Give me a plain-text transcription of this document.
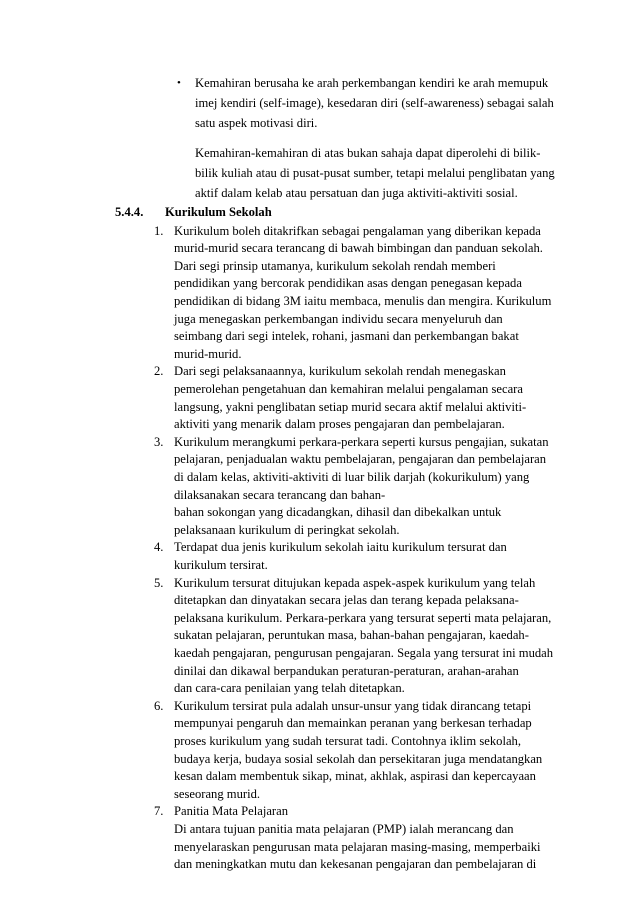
• Kemahiran berusaha ke arah perkembangan kendiri ke arah memupuk
imej kendiri (self-image), kesedaran diri (self-awareness) sebagai salah
satu aspek motivasi diri.
Kemahiran-kemahiran di atas bukan sahaja dapat diperolehi di bilik-
bilik kuliah atau di pusat-pusat sumber, tetapi melalui penglibatan yang
aktif dalam kelab atau persatuan dan juga aktiviti-aktiviti sosial.
5.4.4. Kurikulum Sekolah
1. Kurikulum boleh ditakrifkan sebagai pengalaman yang diberikan kepada
murid-murid secara terancang di bawah bimbingan dan panduan sekolah.
Dari segi prinsip utamanya, kurikulum sekolah rendah memberi
pendidikan yang bercorak pendidikan asas dengan penegasan kepada
pendidikan di bidang 3M iaitu membaca, menulis dan mengira. Kurikulum
juga menegaskan perkembangan individu secara menyeluruh dan
seimbang dari segi intelek, rohani, jasmani dan perkembangan bakat
murid-murid.
2. Dari segi pelaksanaannya, kurikulum sekolah rendah menegaskan
pemerolehan pengetahuan dan kemahiran melalui pengalaman secara
langsung, yakni penglibatan setiap murid secara aktif melalui aktiviti-
aktiviti yang menarik dalam proses pengajaran dan pembelajaran.
3. Kurikulum merangkumi perkara-perkara seperti kursus pengajian, sukatan
pelajaran, penjadualan waktu pembelajaran, pengajaran dan pembelajaran
di dalam kelas, aktiviti-aktiviti di luar bilik darjah (kokurikulum) yang
dilaksanakan secara terancang dan bahan-
bahan sokongan yang dicadangkan, dihasil dan dibekalkan untuk
pelaksanaan kurikulum di peringkat sekolah.
4. Terdapat dua jenis kurikulum sekolah iaitu kurikulum tersurat dan
kurikulum tersirat.
5. Kurikulum tersurat ditujukan kepada aspek-aspek kurikulum yang telah
ditetapkan dan dinyatakan secara jelas dan terang kepada pelaksana-
pelaksana kurikulum. Perkara-perkara yang tersurat seperti mata pelajaran,
sukatan pelajaran, peruntukan masa, bahan-bahan pengajaran, kaedah-
kaedah pengajaran, pengurusan pengajaran. Segala yang tersurat ini mudah
dinilai dan dikawal berpandukan peraturan-peraturan, arahan-arahan
dan cara-cara penilaian yang telah ditetapkan.
6. Kurikulum tersirat pula adalah unsur-unsur yang tidak dirancang tetapi
mempunyai pengaruh dan memainkan peranan yang berkesan terhadap
proses kurikulum yang sudah tersurat tadi. Contohnya iklim sekolah,
budaya kerja, budaya sosial sekolah dan persekitaran juga mendatangkan
kesan dalam membentuk sikap, minat, akhlak, aspirasi dan kepercayaan
seseorang murid.
7. Panitia Mata Pelajaran
Di antara tujuan panitia mata pelajaran (PMP) ialah merancang dan
menyelaraskan pengurusan mata pelajaran masing-masing, memperbaiki
dan meningkatkan mutu dan kekesanan pengajaran dan pembelajaran di
